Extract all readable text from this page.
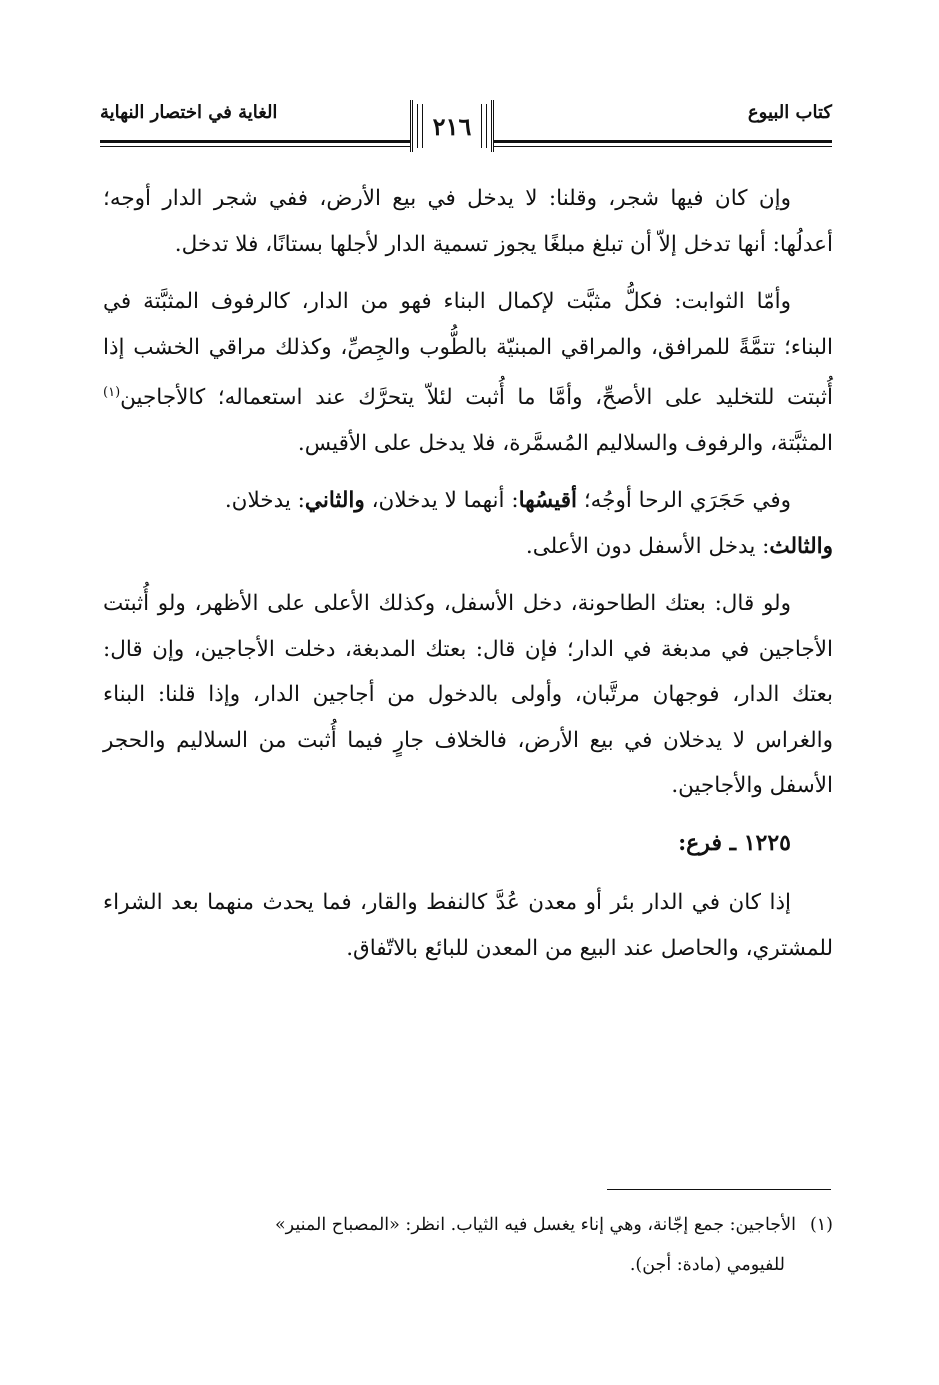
كتاب البيوع
٢١٦
الغاية في اختصار النهاية

وإن كان فيها شجر، وقلنا: لا يدخل في بيع الأرض، ففي شجر الدار أوجه؛ أعدلُها: أنها تدخل إلاّ أن تبلغ مبلغًا يجوز تسمية الدار لأجلها بستانًا، فلا تدخل.

وأمّا الثوابت: فكلُّ مثبَّت لإكمال البناء فهو من الدار، كالرفوف المثبَّتة في البناء؛ تتمَّةً للمرافق، والمراقي المبنيّة بالطُّوب والجِصِّ، وكذلك مراقي الخشب إذا أُثبتت للتخليد على الأصحِّ، وأمَّا ما أُثبت لئلاّ يتحرَّك عند استعماله؛ كالأجاجين$^{(١)}$ المثبَّتة، والرفوف والسلاليم المُسمَّرة، فلا يدخل على الأقيس.

وفي حَجَرَي الرحا أوجُه؛ أقيسُها: أنهما لا يدخلان، والثاني: يدخلان.
والثالث: يدخل الأسفل دون الأعلى.

ولو قال: بعتك الطاحونة، دخل الأسفل، وكذلك الأعلى على الأظهر، ولو أُثبتت الأجاجين في مدبغة في الدار؛ فإن قال: بعتك المدبغة، دخلت الأجاجين، وإن قال: بعتك الدار، فوجهان مرتَّبان، وأولى بالدخول من أجاجين الدار، وإذا قلنا: البناء والغراس لا يدخلان في بيع الأرض، فالخلاف جارٍ فيما أُثبت من السلاليم والحجر الأسفل والأجاجين.

١٢٢٥ ـ فرع:

إذا كان في الدار بئر أو معدن عُدَّ كالنفط والقار، فما يحدث منهما بعد الشراء للمشتري، والحاصل عند البيع من المعدن للبائع بالاتّفاق.

(١)الأجاجين: جمع إجّانة، وهي إناء يغسل فيه الثياب. انظر: «المصباح المنير»
للفيومي (مادة: أجن).
